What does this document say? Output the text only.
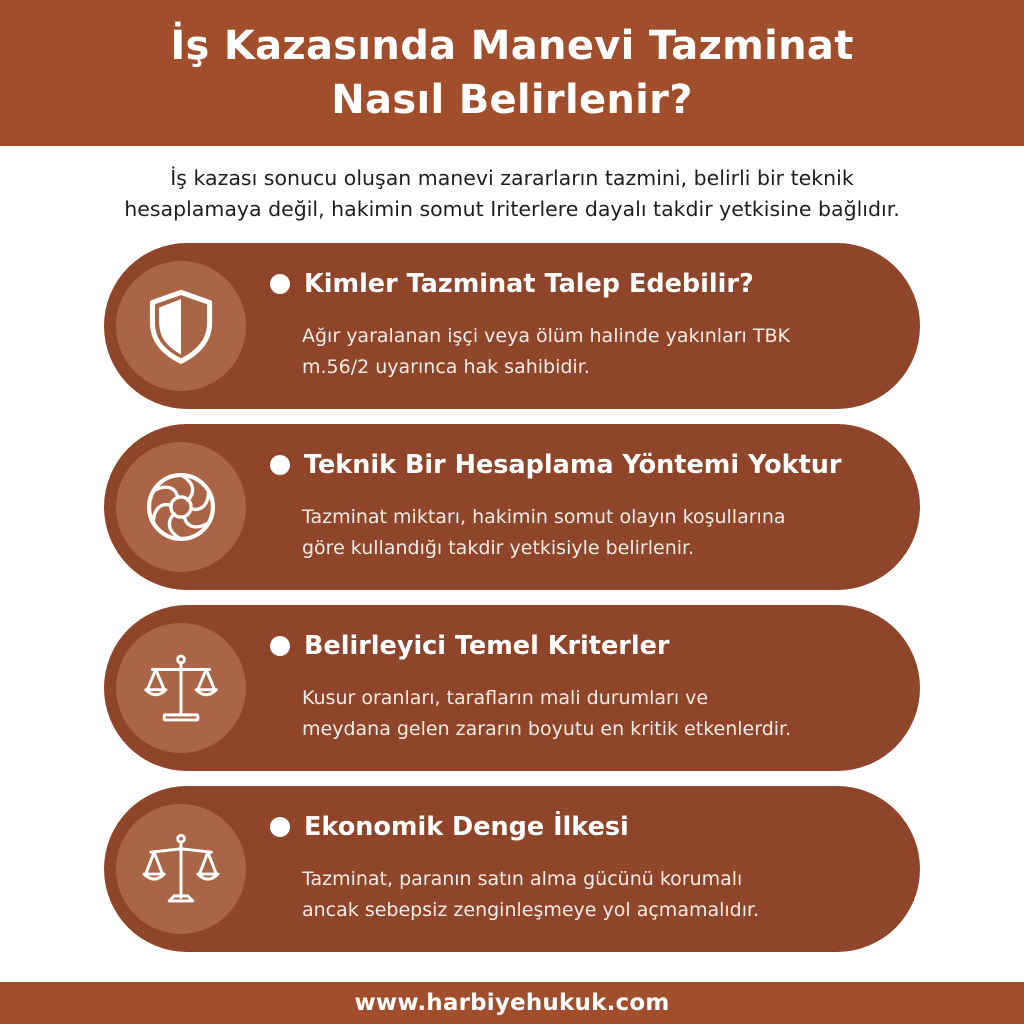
İş Kazasında Manevi Tazminat
Nasıl Belirlenir?
İş kazası sonucu oluşan manevi zararların tazmini, belirli bir teknik
hesaplamaya değil, hakimin somut Iriterlere dayalı takdir yetkisine bağlıdır.
Kimler Tazminat Talep Edebilir?
Ağır yaralanan işçi veya ölüm halinde yakınları TBK
m.56/2 uyarınca hak sahibidir.
Teknik Bir Hesaplama Yöntemi Yoktur
Tazminat miktarı, hakimin somut olayın koşullarına
göre kullandığı takdir yetkisiyle belirlenir.
Belirleyici Temel Kriterler
Kusur oranları, tarafların mali durumları ve
meydana gelen zararın boyutu en kritik etkenlerdir.
Ekonomik Denge İlkesi
Tazminat, paranın satın alma gücünü korumalı
ancak sebepsiz zenginleşmeye yol açmamalıdır.
www.harbiyehukuk.com
